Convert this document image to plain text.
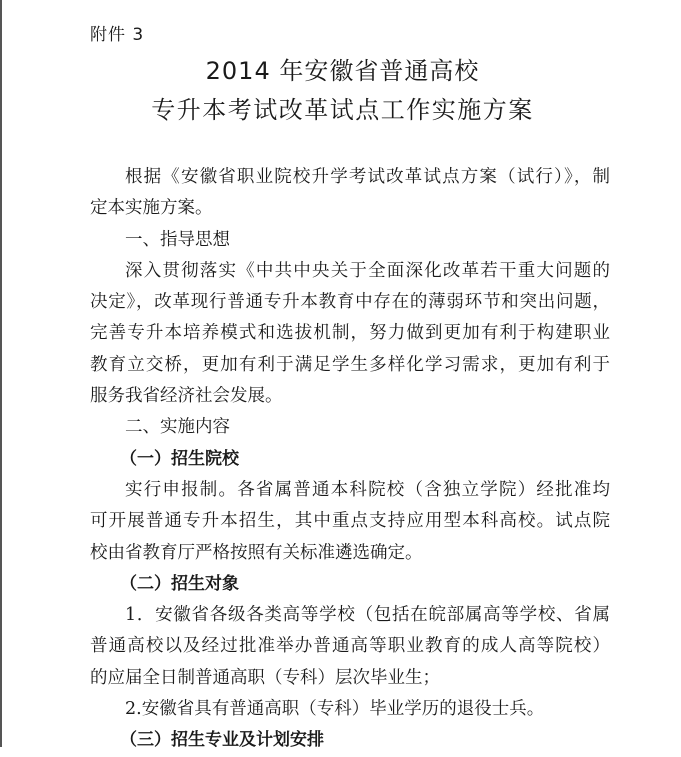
附件 3
2014 年安徽省普通高校
专升本考试改革试点工作实施方案

根据《安徽省职业院校升学考试改革试点方案（试行）》，制
定本实施方案。

一、指导思想

深入贯彻落实《中共中央关于全面深化改革若干重大问题的
决定》，改革现行普通专升本教育中存在的薄弱环节和突出问题，
完善专升本培养模式和选拔机制，努力做到更加有利于构建职业
教育立交桥，更加有利于满足学生多样化学习需求，更加有利于
服务我省经济社会发展。

二、实施内容

（一）招生院校

实行申报制。各省属普通本科院校（含独立学院）经批准均
可开展普通专升本招生，其中重点支持应用型本科高校。试点院
校由省教育厅严格按照有关标准遴选确定。

（二）招生对象

1．安徽省各级各类高等学校（包括在皖部属高等学校、省属
普通高校以及经过批准举办普通高等职业教育的成人高等院校）
的应届全日制普通高职（专科）层次毕业生；

2.安徽省具有普通高职（专科）毕业学历的退役士兵。

（三）招生专业及计划安排
